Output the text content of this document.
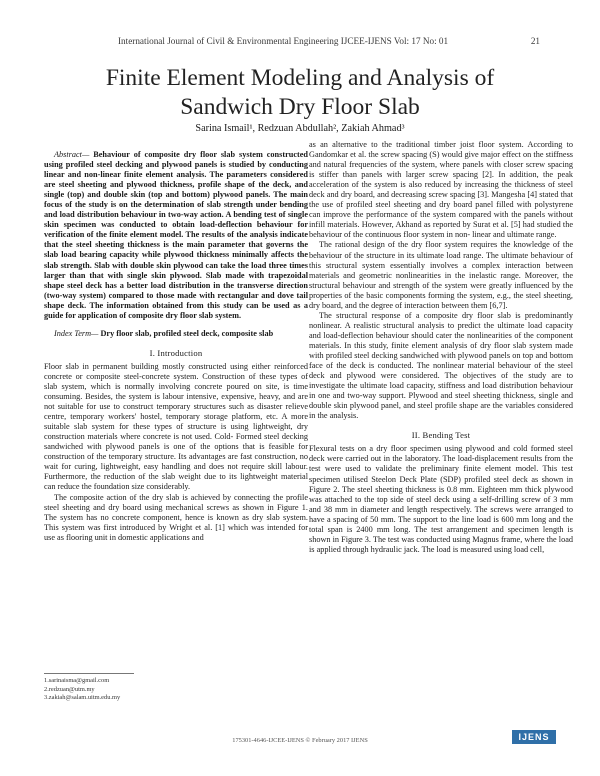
International Journal of Civil & Environmental Engineering IJCEE-IJENS Vol: 17 No: 01	21
Finite Element Modeling and Analysis of
Sandwich Dry Floor Slab
Sarina Ismail¹, Redzuan Abdullah², Zakiah Ahmad³

Abstract— Behaviour of composite dry floor slab system constructed using profiled steel decking and plywood panels is studied by conducting linear and non-linear finite element analysis. The parameters considered are steel sheeting and plywood thickness, profile shape of the deck, and single (top) and double skin (top and bottom) plywood panels. The main focus of the study is on the determination of slab strength under bending and load distribution behaviour in two-way action. A bending test of single skin specimen was conducted to obtain load-deflection behaviour for verification of the finite element model. The results of the analysis indicate that the steel sheeting thickness is the main parameter that governs the slab load bearing capacity while plywood thickness minimally affects the slab strength. Slab with double skin plywood can take the load three times larger than that with single skin plywood. Slab made with trapezoidal shape steel deck has a better load distribution in the transverse direction (two-way system) compared to those made with rectangular and dove tail shape deck. The information obtained from this study can be used as a guide for application of composite dry floor slab system.

Index Term— Dry floor slab, profiled steel deck, composite slab

I. Introduction

Floor slab in permanent building mostly constructed using either reinforced concrete or composite steel-concrete system. Construction of these types of slab system, which is normally involving concrete poured on site, is time consuming. Besides, the system is labour intensive, expensive, heavy, and are not suitable for use to construct temporary structures such as disaster relieve centre, temporary workers' hostel, temporary storage platform, etc. A more suitable slab system for these types of structure is using lightweight, dry construction materials where concrete is not used. Cold- Formed steel decking sandwiched with plywood panels is one of the options that is feasible for construction of the temporary structure. Its advantages are fast construction, no wait for curing, lightweight, easy handling and does not require skill labour. Furthermore, the reduction of the slab weight due to its lightweight material can reduce the foundation size considerably.

The composite action of the dry slab is achieved by connecting the profile steel sheeting and dry board using mechanical screws as shown in Figure 1. The system has no concrete component, hence is known as dry slab system. This system was first introduced by Wright et al. [1] which was intended for use as flooring unit in domestic applications and

1.sarinaisma@gmail.com
2.redzuan@utm.my
3.zakiah@salam.uitm.edu.my

as an alternative to the traditional timber joist floor system. According to Gandomkar et al. the screw spacing (S) would give major effect on the stiffness and natural frequencies of the system, where panels with closer screw spacing is stiffer than panels with larger screw spacing [2]. In addition, the peak acceleration of the system is also reduced by increasing the thickness of steel deck and dry board, and decreasing screw spacing [3]. Mangesha [4] stated that the use of profiled steel sheeting and dry board panel filled with polystyrene can improve the performance of the system compared with the panels without infill materials. However, Akhand as reported by Surat et al. [5] had studied the behaviour of the continuous floor system in non- linear and ultimate range.

The rational design of the dry floor system requires the knowledge of the behaviour of the structure in its ultimate load range. The ultimate behaviour of this structural system essentially involves a complex interaction between materials and geometric nonlinearities in the inelastic range. Moreover, the structural behaviour and strength of the system were greatly influenced by the properties of the basic components forming the system, e.g., the steel sheeting, dry board, and the degree of interaction between them [6,7].

The structural response of a composite dry floor slab is predominantly nonlinear. A realistic structural analysis to predict the ultimate load capacity and load-deflection behaviour should cater the nonlinearities of the component materials. In this study, finite element analysis of dry floor slab system made with profiled steel decking sandwiched with plywood panels on top and bottom face of the deck is conducted. The nonlinear material behaviour of the steel deck and plywood were considered. The objectives of the study are to investigate the ultimate load capacity, stiffness and load distribution behaviour in one and two-way support. Plywood and steel sheeting thickness, single and double skin plywood panel, and steel profile shape are the variables considered in the analysis.

II. Bending Test

Flexural tests on a dry floor specimen using plywood and cold formed steel deck were carried out in the laboratory. The load-displacement results from the test were used to validate the preliminary finite element model. This test specimen utilised Steelon Deck Plate (SDP) profiled steel deck as shown in Figure 2. The steel sheeting thickness is 0.8 mm. Eighteen mm thick plywood was attached to the top side of steel deck using a self-drilling screw of 3 mm and 38 mm in diameter and length respectively. The screws were arranged to have a spacing of 50 mm. The support to the line load is 600 mm long and the total span is 2400 mm long. The test arrangement and specimen length is shown in Figure 3. The test was conducted using Magnus frame, where the load is applied through hydraulic jack. The load is measured using load cell,

175301-4646-IJCEE-IJENS © February 2017 IJENS	IJENS
